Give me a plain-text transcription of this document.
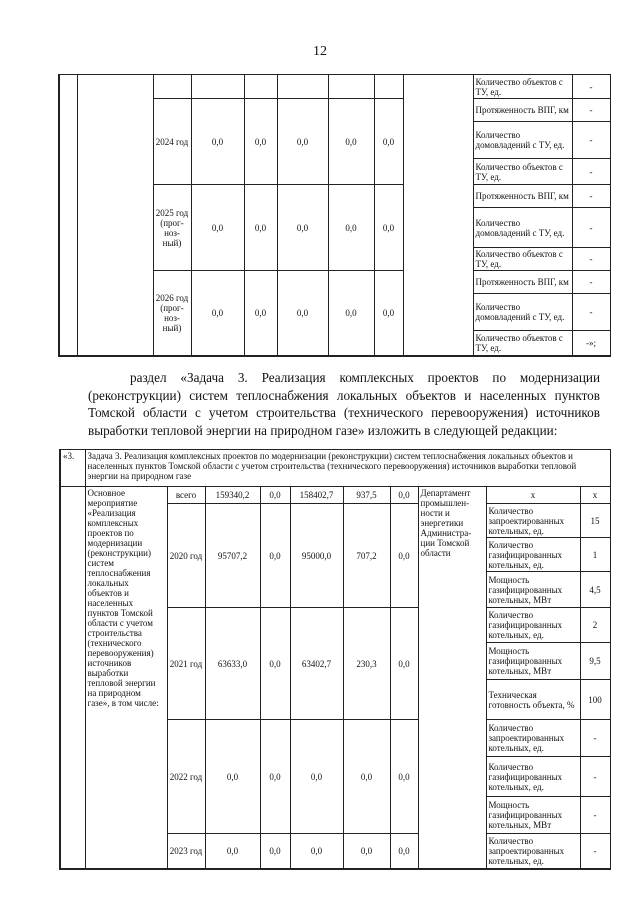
12
									Количество объектов с ТУ, ед.	-
		2024 год	0,0	0,0	0,0	0,0	0,0		Протяженность ВПГ, км	-
									Количество домовладений с ТУ, ед.	-
									Количество объектов с ТУ, ед.	-
		2025 год (прог-ноз-ный)	0,0	0,0	0,0	0,0	0,0		Протяженность ВПГ, км	-
									Количество домовладений с ТУ, ед.	-
									Количество объектов с ТУ, ед.	-
		2026 год (прог-ноз-ный)	0,0	0,0	0,0	0,0	0,0		Протяженность ВПГ, км	-
									Количество домовладений с ТУ, ед.	-
									Количество объектов с ТУ, ед.	-»;
раздел «Задача 3. Реализация комплексных проектов по модернизации (реконструкции) систем теплоснабжения локальных объектов и населенных пунктов Томской области с учетом строительства (технического перевооружения) источников выработки тепловой энергии на природном газе» изложить в следующей редакции:
«3.	Задача 3. Реализация комплексных проектов по модернизации (реконструкции) систем теплоснабжения локальных объектов и населенных пунктов Томской области с учетом строительства (технического перевооружения) источников выработки тепловой энергии на природном газе									
	Основное мероприятие «Реализация комплексных проектов по модернизации (реконструкции) систем теплоснабжения локальных объектов и населенных пунктов Томской области с учетом строительства (технического перевооружения) источников выработки тепловой энергии на природном газе», в том числе:	всего	159340,2	0,0	158402,7	937,5	0,0	Департамент промышлен-ности и энергетики Администра-ции Томской области	х	х
		2020 год	95707,2	0,0	95000,0	707,2	0,0		Количество запроектированных котельных, ед.	15
									Количество газифицированных котельных, ед.	1
									Мощность газифицированных котельных, МВт	4,5
		2021 год	63633,0	0,0	63402,7	230,3	0,0		Количество газифицированных котельных, ед.	2
									Мощность газифицированных котельных, МВт	9,5
									Техническая готовность объекта, %	100
		2022 год	0,0	0,0	0,0	0,0	0,0		Количество запроектированных котельных, ед.	-
									Количество газифицированных котельных, ед.	-
									Мощность газифицированных котельных, МВт	-
		2023 год	0,0	0,0	0,0	0,0	0,0		Количество запроектированных котельных, ед.	-
